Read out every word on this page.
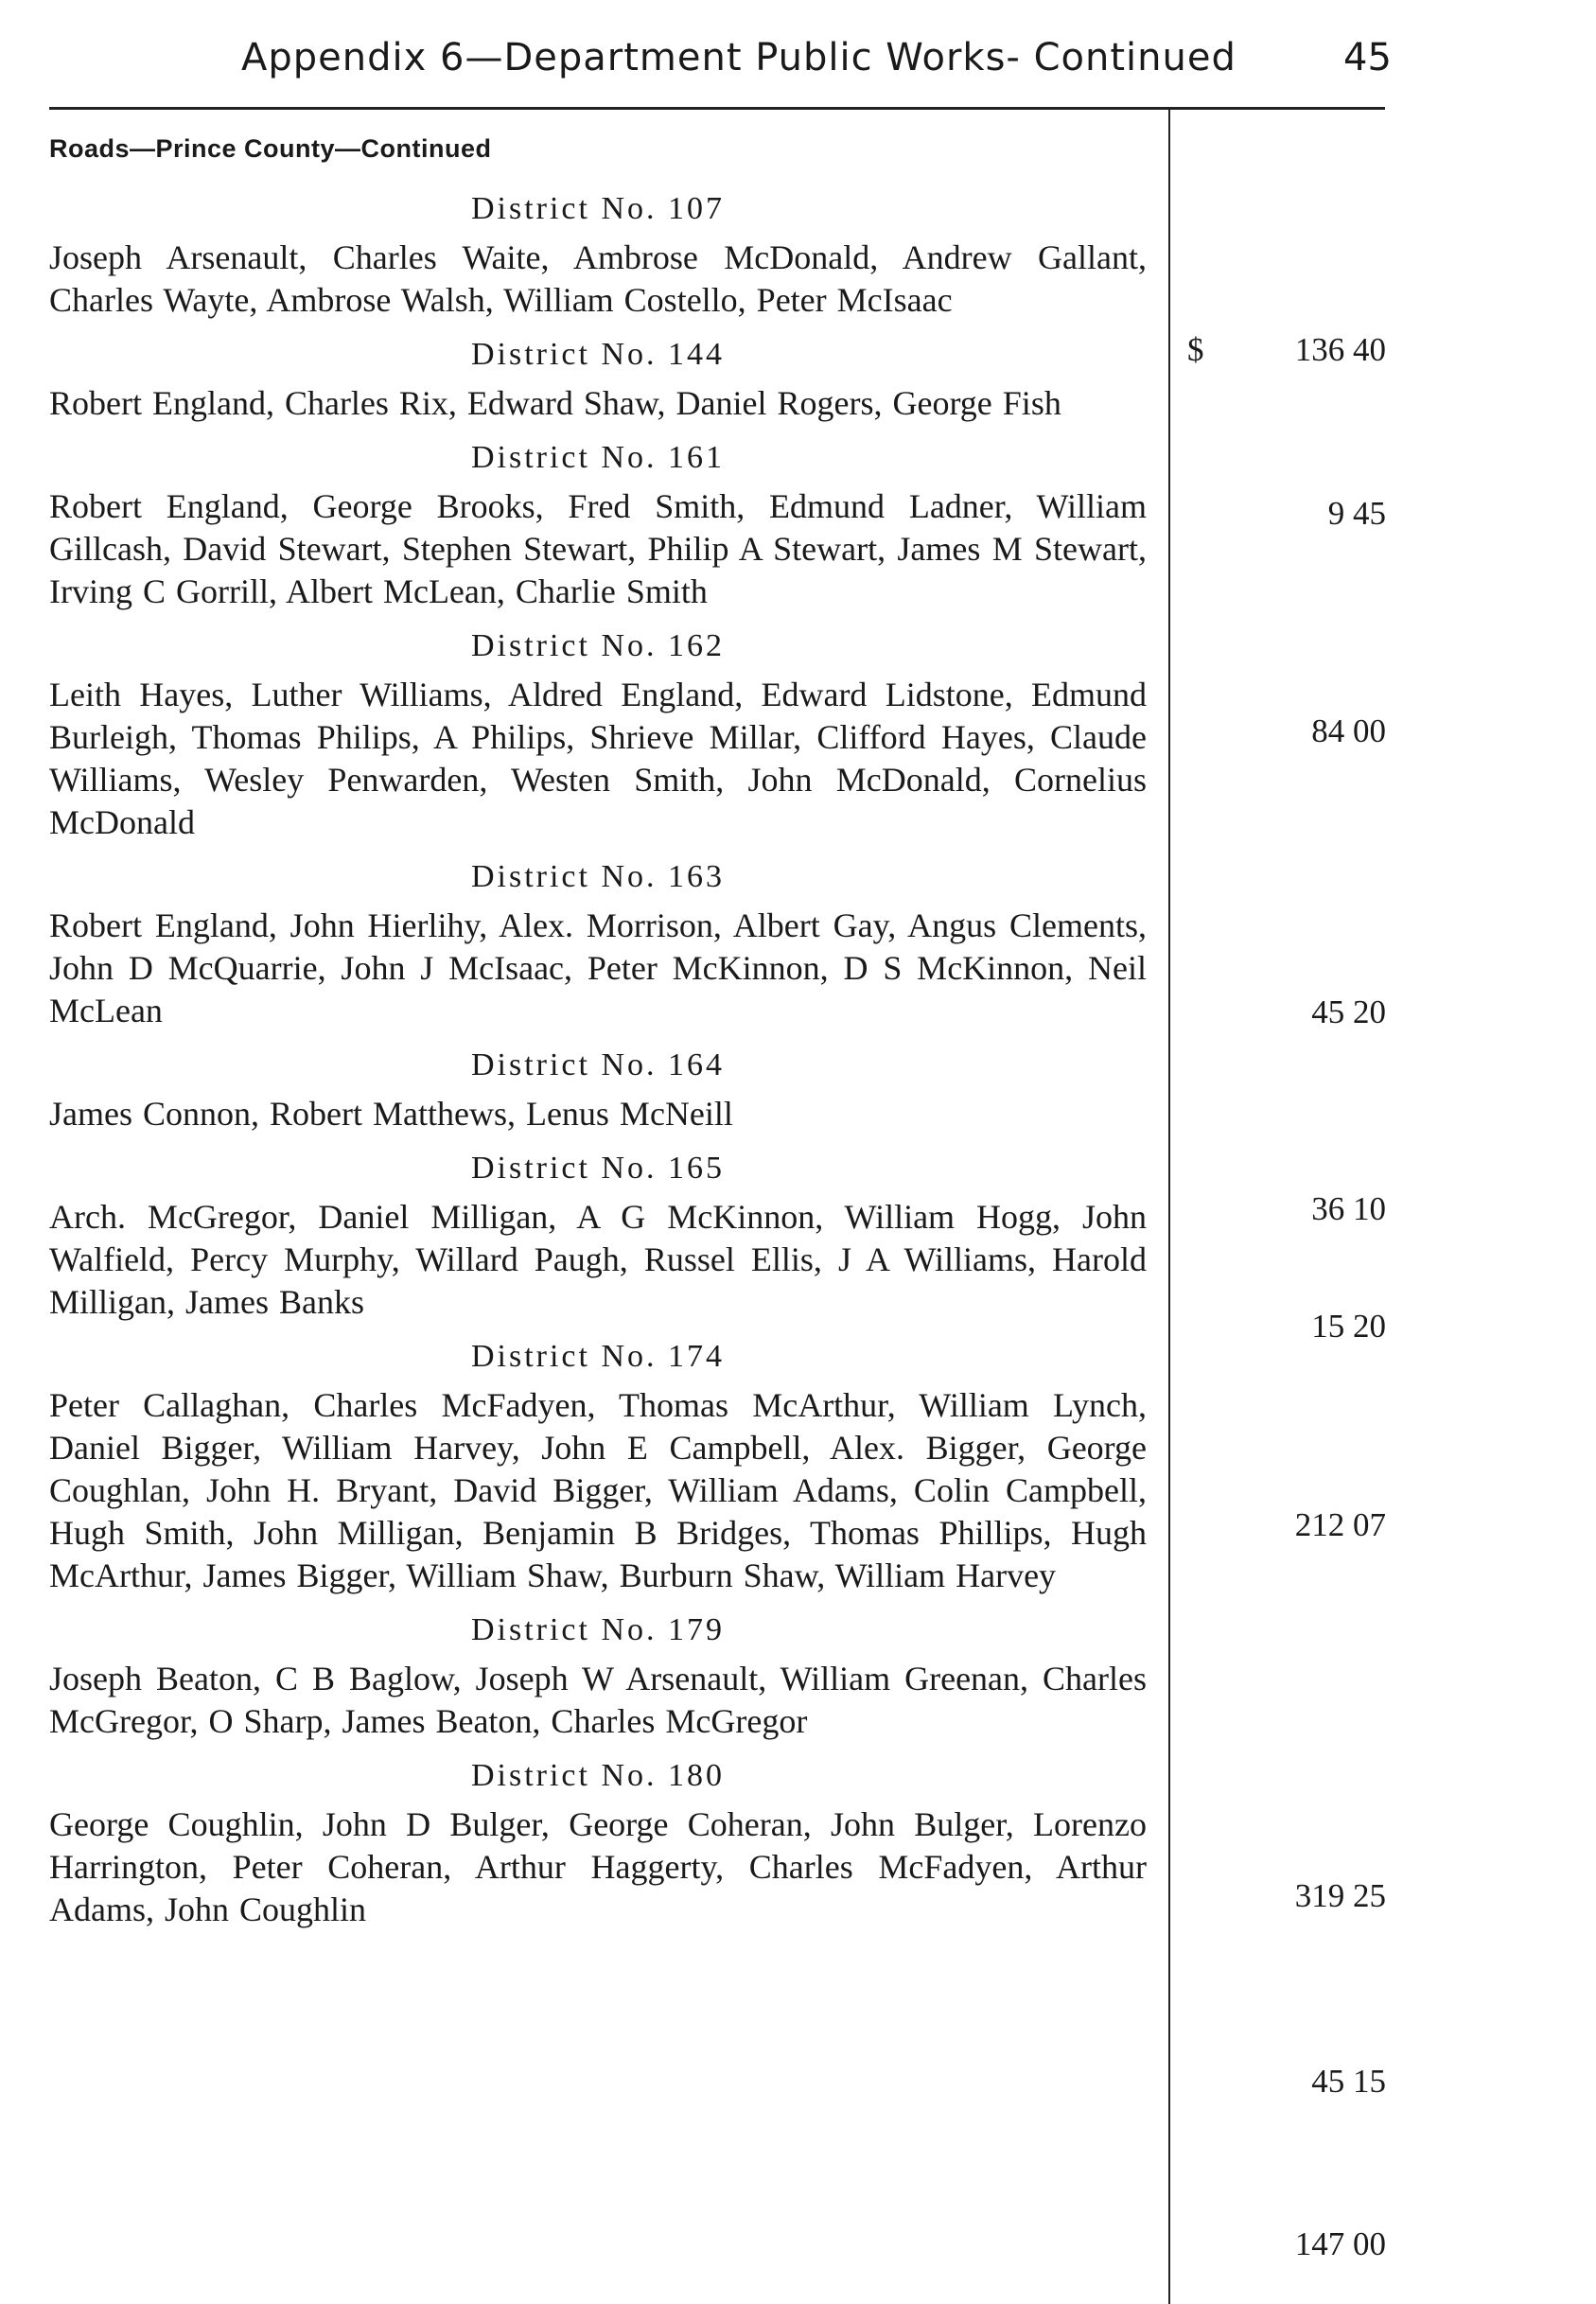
Appendix 6—Department Public Works- Continued	45
Roads—Prince County—Continued
$

District No. 107

Joseph Arsenault, Charles Waite, Ambrose McDonald, Andrew Gallant, Charles Wayte, Ambrose Walsh, William Costello, Peter McIsaac

District No. 144

Robert England, Charles Rix, Edward Shaw, Daniel Rogers, George Fish

District No. 161

Robert England, George Brooks, Fred Smith, Edmund Ladner, William Gillcash, David Stewart, Stephen Stewart, Philip A Stewart, James M Stewart, Irving C Gorrill, Albert McLean, Charlie Smith

District No. 162

Leith Hayes, Luther Williams, Aldred England, Edward Lidstone, Edmund Burleigh, Thomas Philips, A Philips, Shrieve Millar, Clifford Hayes, Claude Williams, Wesley Penwarden, Westen Smith, John McDonald, Cornelius McDonald

District No. 163

Robert England, John Hierlihy, Alex. Morrison, Albert Gay, Angus Clements, John D McQuarrie, John J McIsaac, Peter McKinnon, D S McKinnon, Neil McLean

District No. 164

James Connon, Robert Matthews, Lenus McNeill

District No. 165

Arch. McGregor, Daniel Milligan, A G McKinnon, William Hogg, John Walfield, Percy Murphy, Willard Paugh, Russel Ellis, J A Williams, Harold Milligan, James Banks

District No. 174

Peter Callaghan, Charles McFadyen, Thomas McArthur, William Lynch, Daniel Bigger, William Harvey, John E Campbell, Alex. Bigger, George Coughlan, John H. Bryant, David Bigger, William Adams, Colin Campbell, Hugh Smith, John Milligan, Benjamin B Bridges, Thomas Phillips, Hugh McArthur, James Bigger, William Shaw, Burburn Shaw, William Harvey

District No. 179

Joseph Beaton, C B Baglow, Joseph W Arsenault, William Greenan, Charles McGregor, O Sharp, James Beaton, Charles McGregor

District No. 180

George Coughlin, John D Bulger, George Coheran, John Bulger, Lorenzo Harrington, Peter Coheran, Arthur Haggerty, Charles McFadyen, Arthur Adams, John Coughlin

136 40
9 45
84 00
45 20
36 10
15 20
212 07
319 25
45 15
147 00
